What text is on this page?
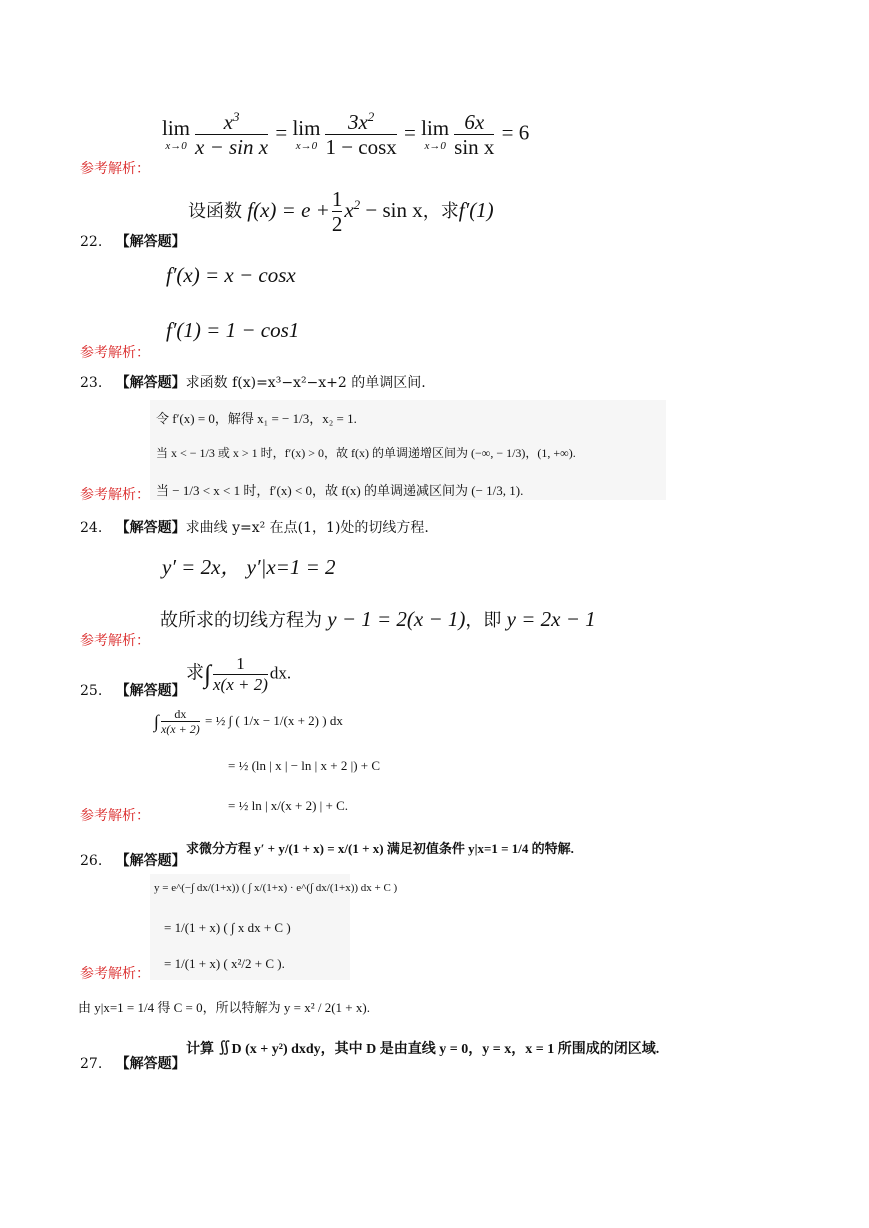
lim
$x\to 0 \frac{x^3}{\text{x − sin x}} = \lim$
$x\to 0 \frac{3x^2}{1 - \cos x} = \lim$
$x\to 0 \frac{6x}{\text{sin x}} = 6$
参考解析：
设函数 $f(x) = e + \frac{1}{2} x^2 - \sin x$，求f′(1)
22. 【解答题】
f′(x) = x − cosx
f′(1) = 1 − cos1
参考解析：
23. 【解答题】求函数 f(x)=x³−x²−x+2 的单调区间.
令 f′(x) = 0，解得 x₁ = − 1/3，x₂ = 1.
当 x < − 1/3 或 x > 1 时，f′(x) > 0，故 f(x) 的单调递增区间为 (−∞, − 1/3)，(1, +∞).
当 − 1/3 < x < 1 时，f′(x) < 0，故 f(x) 的单调递减区间为 (− 1/3, 1).
参考解析：
24. 【解答题】求曲线 y=x² 在点(1，1)处的切线方程.
y′ = 2x， y′|x=1 = 2
故所求的切线方程为 y − 1 = 2(x − 1)，即 y = 2x − 1
参考解析：
求∫ $\frac{1}{x(x + 2)}$ dx.
25. 【解答题】
∫ $\frac{dx}{x(x + 2)}$ = ½ ∫ ( 1/x − 1/(x + 2) ) dx
= ½ (ln | x | − ln | x + 2 |) + C
= ½ ln | x/(x + 2) | + C.
参考解析：
求微分方程 y′ + y/(1 + x) = x/(1 + x) 满足初值条件 y|x=1 = 1/4 的特解.
26. 【解答题】
y = e^(−∫ dx/(1+x)) ( ∫ x/(1+x) · e^(∫ dx/(1+x)) dx + C )
= 1/(1 + x) ( ∫ x dx + C )
= 1/(1 + x) ( x²/2 + C ).
参考解析：
由 y|x=1 = 1/4 得 C = 0，所以特解为 y = x² / 2(1 + x).
计算 ∬D (x + y²) dxdy，其中 D 是由直线 y = 0，y = x，x = 1 所围成的闭区域.
27. 【解答题】
